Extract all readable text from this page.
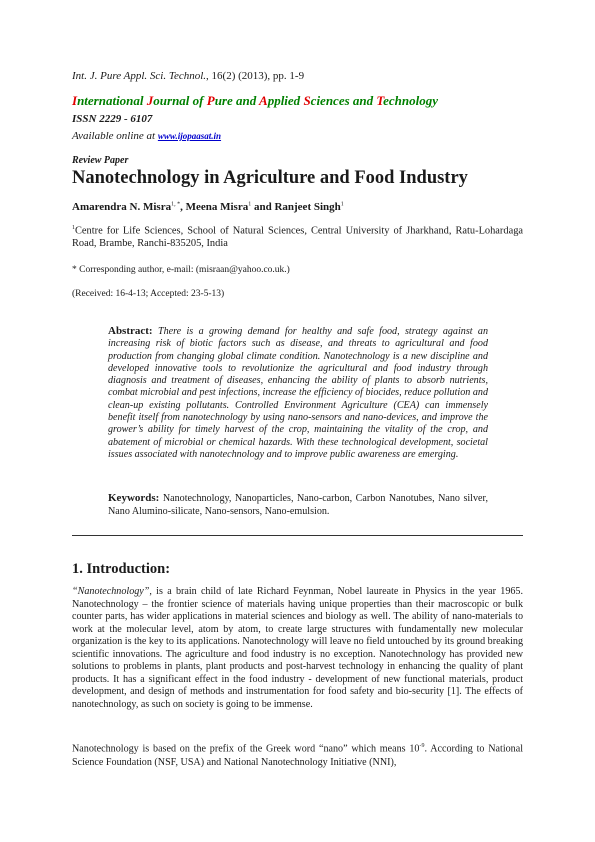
Int. J. Pure Appl. Sci. Technol., 16(2) (2013), pp. 1-9
International Journal of Pure and Applied Sciences and Technology
ISSN 2229 - 6107
Available online at www.ijopaasat.in
Review Paper
Nanotechnology in Agriculture and Food Industry
Amarendra N. Misra$^{1, *}$, Meena Misra$^1$ and Ranjeet Singh$^1$
$^1$Centre for Life Sciences, School of Natural Sciences, Central University of Jharkhand, Ratu-Lohardaga Road, Brambe, Ranchi-835205, India
* Corresponding author, e-mail: (misraan@yahoo.co.uk.)
(Received: 16-4-13; Accepted: 23-5-13)
Abstract: There is a growing demand for healthy and safe food, strategy against an increasing risk of biotic factors such as disease, and threats to agricultural and food production from changing global climate condition. Nanotechnology is a new discipline and developed innovative tools to revolutionize the agricultural and food industry through diagnosis and treatment of diseases, enhancing the ability of plants to absorb nutrients, combat microbial and pest infections, increase the efficiency of biocides, reduce pollution and clean-up existing pollutants. Controlled Environment Agriculture (CEA) can immensely benefit itself from nanotechnology by using nano-sensors and nano-devices, and improve the grower’s ability for timely harvest of the crop, maintaining the vitality of the crop, and abatement of microbial or chemical hazards. With these technological development, societal issues associated with nanotechnology and to improve public awareness are emerging.
Keywords: Nanotechnology, Nanoparticles, Nano-carbon, Carbon Nanotubes, Nano silver, Nano Alumino-silicate, Nano-sensors, Nano-emulsion.
1. Introduction:
“Nanotechnology”, is a brain child of late Richard Feynman, Nobel laureate in Physics in the year 1965. Nanotechnology – the frontier science of materials having unique properties than their macroscopic or bulk counter parts, has wider applications in material sciences and biology as well. The ability of nano-materials to work at the molecular level, atom by atom, to create large structures with fundamentally new molecular organization is the key to its applications. Nanotechnology will leave no field untouched by its ground breaking scientific innovations. The agriculture and food industry is no exception. Nanotechnology has provided new solutions to problems in plants, plant products and post-harvest technology in enhancing the quality of plant products. It has a significant effect in the food industry - development of new functional materials, product development, and design of methods and instrumentation for food safety and bio-security [1]. The effects of nanotechnology, as such on society is going to be immense.
Nanotechnology is based on the prefix of the Greek word “nano” which means $10^{-9}$. According to National Science Foundation (NSF, USA) and National Nanotechnology Initiative (NNI),
